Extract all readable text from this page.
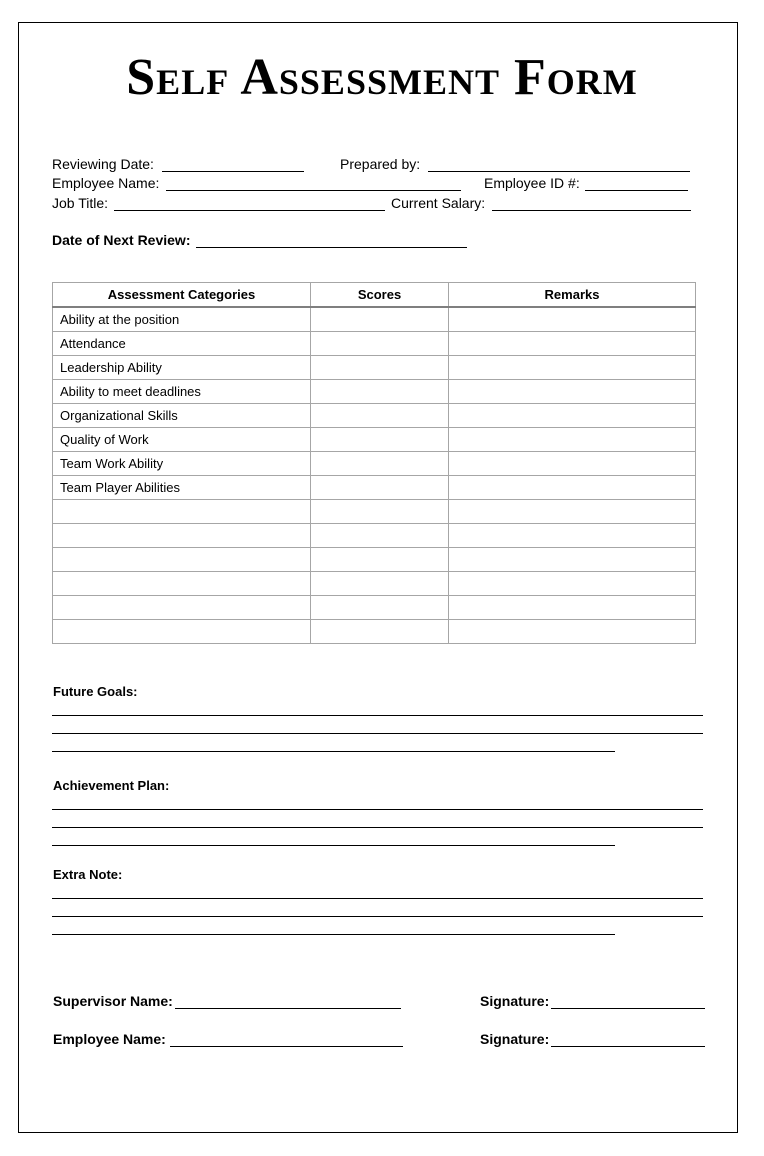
Self Assessment Form
Reviewing Date:	Prepared by:
Employee Name:	Employee ID #:
Job Title:	Current Salary:
Date of Next Review:
Assessment Categories	Scores	Remarks
Ability at the position		
Attendance		
Leadership Ability		
Ability to meet deadlines		
Organizational Skills		
Quality of Work		
Team Work Ability		
Team Player Abilities		

Future Goals:
Achievement Plan:
Extra Note:
Supervisor Name:	Signature:
Employee Name:	Signature:
